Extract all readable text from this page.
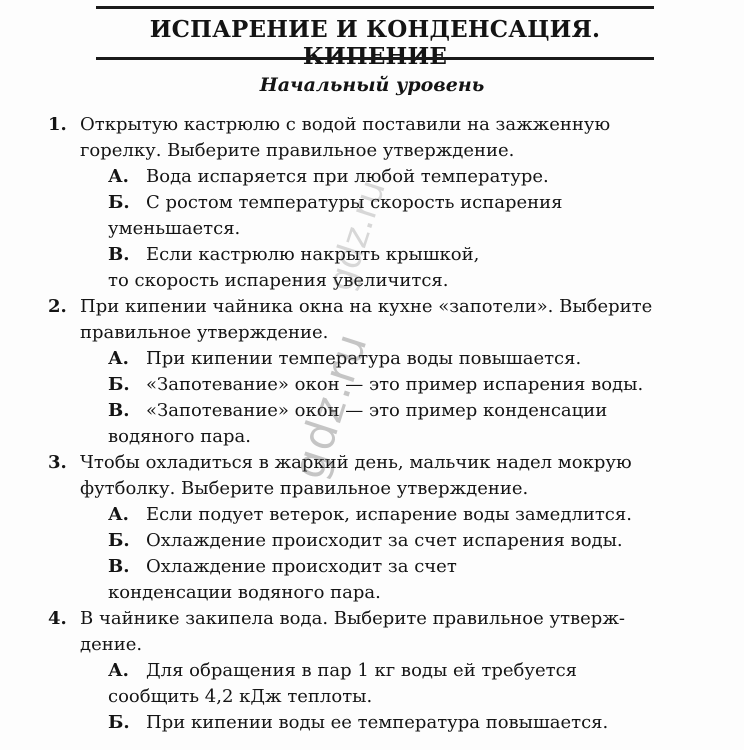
ИСПАРЕНИЕ И КОНДЕНСАЦИЯ.
Начальный уровень
1. Открытую кастрюлю с водой поставили на зажженную
горелку. Выберите правильное утверждение.
А. Вода испаряется при любой температуре.
Б. С ростом температуры скорость испарения
уменьшается.
В. Если кастрюлю накрыть крышкой,
то скорость испарения увеличится.
2. При кипении чайника окна на кухне «запотели». Выберите
правильное утверждение.
А. При кипении температура воды повышается.
Б. «Запотевание» окон — это пример испарения воды.
В. «Запотевание» окон — это пример конденсации
водяного пара.
3. Чтобы охладиться в жаркий день, мальчик надел мокрую
футболку. Выберите правильное утверждение.
А. Если подует ветерок, испарение воды замедлится.
Б. Охлаждение происходит за счет испарения воды.
В. Охлаждение происходит за счет
конденсации водяного пара.
4. В чайнике закипела вода. Выберите правильное утверж-
дение.
А. Для обращения в пар 1 кг воды ей требуется
сообщить 4,2 кДж теплоты.
Б. При кипении воды ее температура повышается.
gdz.ru
gdz.ru
